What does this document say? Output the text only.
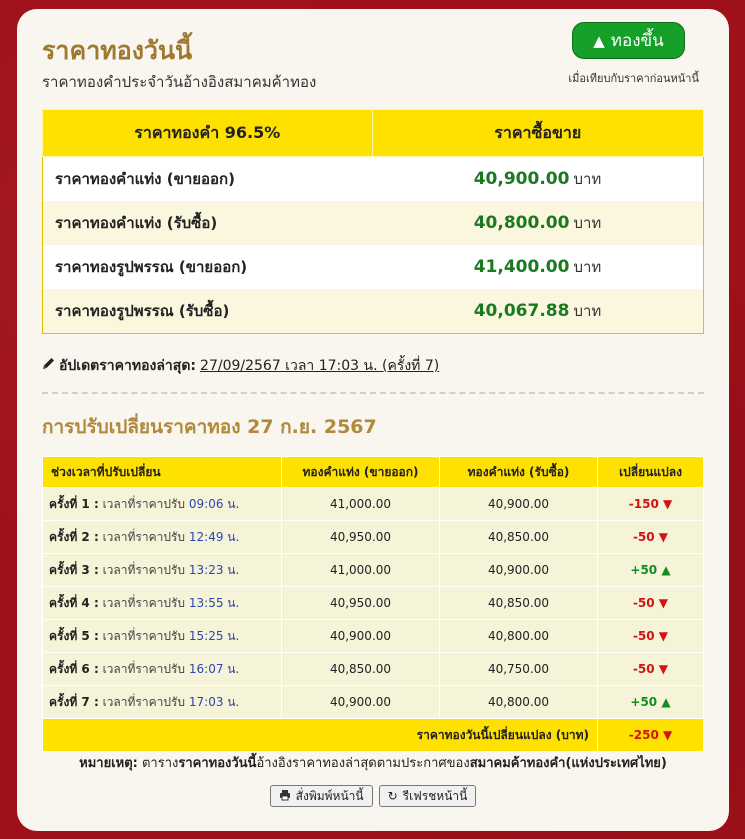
ราคาทองวันนี้
ราคาทองคำประจำวันอ้างอิงสมาคมค้าทอง
▲ ทองขึ้น
เมื่อเทียบกับราคาก่อนหน้านี้
ราคาทองคำ 96.5%	ราคาซื้อขาย
ราคาทองคำแท่ง (ขายออก)	40,900.00 บาท
ราคาทองคำแท่ง (รับซื้อ)	40,800.00 บาท
ราคาทองรูปพรรณ (ขายออก)	41,400.00 บาท
ราคาทองรูปพรรณ (รับซื้อ)	40,067.88 บาท
อัปเดตราคาทองล่าสุด: 27/09/2567 เวลา 17:03 น. (ครั้งที่ 7)
การปรับเปลี่ยนราคาทอง 27 ก.ย. 2567
ช่วงเวลาที่ปรับเปลี่ยน	ทองคำแท่ง (ขายออก)	ทองคำแท่ง (รับซื้อ)	เปลี่ยนแปลง
ครั้งที่ 1 : เวลาที่ราคาปรับ 09:06 น.	41,000.00	40,900.00	-150 ▼
ครั้งที่ 2 : เวลาที่ราคาปรับ 12:49 น.	40,950.00	40,850.00	-50 ▼
ครั้งที่ 3 : เวลาที่ราคาปรับ 13:23 น.	41,000.00	40,900.00	+50 ▲
ครั้งที่ 4 : เวลาที่ราคาปรับ 13:55 น.	40,950.00	40,850.00	-50 ▼
ครั้งที่ 5 : เวลาที่ราคาปรับ 15:25 น.	40,900.00	40,800.00	-50 ▼
ครั้งที่ 6 : เวลาที่ราคาปรับ 16:07 น.	40,850.00	40,750.00	-50 ▼
ครั้งที่ 7 : เวลาที่ราคาปรับ 17:03 น.	40,900.00	40,800.00	+50 ▲
ราคาทองวันนี้เปลี่ยนแปลง (บาท)			-250 ▼
หมายเหตุ: ตารางราคาทองวันนี้อ้างอิงราคาทองล่าสุดตามประกาศของสมาคมค้าทองคำ(แห่งประเทศไทย)
สั่งพิมพ์หน้านี้ ↻ รีเฟรชหน้านี้
